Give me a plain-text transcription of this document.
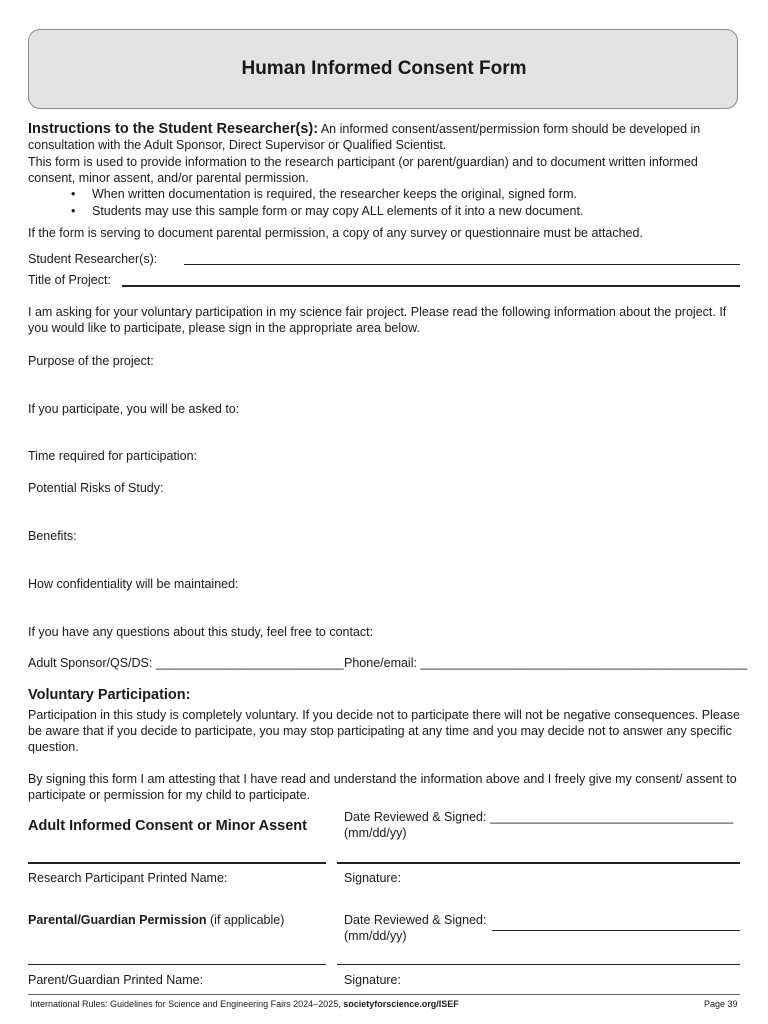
Human Informed Consent Form
Instructions to the Student Researcher(s): An informed consent/assent/permission form should be developed in consultation with the Adult Sponsor, Direct Supervisor or Qualified Scientist.
This form is used to provide information to the research participant (or parent/guardian) and to document written informed consent, minor assent, and/or parental permission.
• When written documentation is required, the researcher keeps the original, signed form.
• Students may use this sample form or may copy ALL elements of it into a new document.
If the form is serving to document parental permission, a copy of any survey or questionnaire must be attached.
Student Researcher(s):
Title of Project:
I am asking for your voluntary participation in my science fair project. Please read the following information about the project. If you would like to participate, please sign in the appropriate area below.
Purpose of the project:
If you participate, you will be asked to:
Time required for participation:
Potential Risks of Study:
Benefits:
How confidentiality will be maintained:
If you have any questions about this study, feel free to contact:
Adult Sponsor/QS/DS: ___________________________ Phone/email: _______________________________________________
Voluntary Participation:
Participation in this study is completely voluntary. If you decide not to participate there will not be negative consequences. Please be aware that if you decide to participate, you may stop participating at any time and you may decide not to answer any specific question.
By signing this form I am attesting that I have read and understand the information above and I freely give my consent/ assent to participate or permission for my child to participate.
Adult Informed Consent or Minor Assent
Date Reviewed & Signed: ___________________________________
(mm/dd/yy)
Research Participant Printed Name:	Signature:
Parental/Guardian Permission (if applicable)	Date Reviewed & Signed:
(mm/dd/yy)
Parent/Guardian Printed Name:	Signature:
International Rules: Guidelines for Science and Engineering Fairs 2024–2025, societyforscience.org/ISEF	Page 39
